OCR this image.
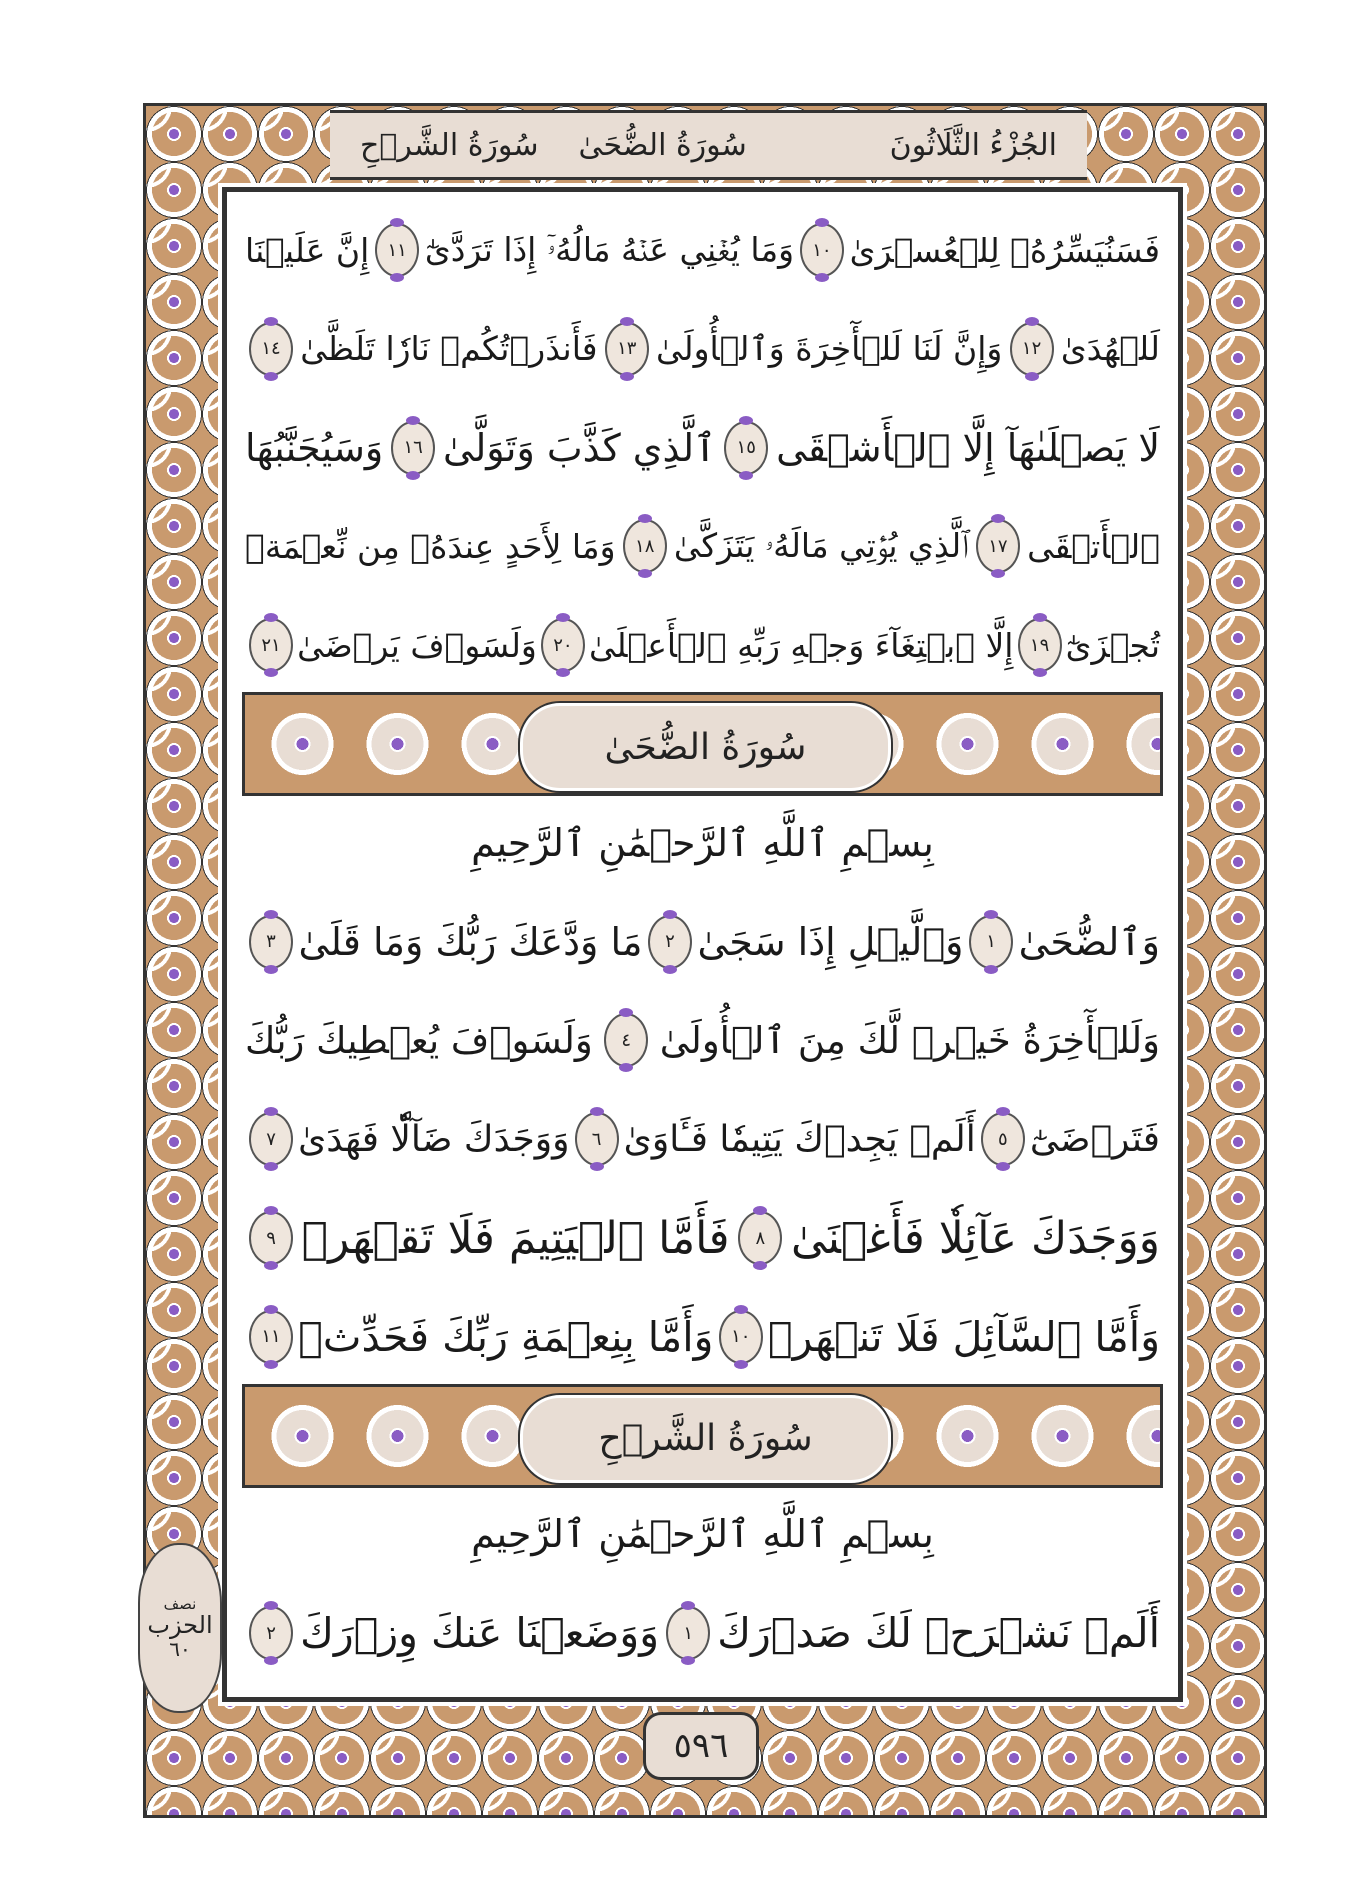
الجُزْءُ الثَّلَاثُونَ
سُورَةُ الضُّحَىٰ
سُورَةُ الشَّرۡحِ
فَسَنُيَسِّرُهُۥ لِلۡعُسۡرَىٰ
١٠
وَمَا يُغۡنِي عَنۡهُ مَالُهُۥٓ إِذَا تَرَدَّىٰٓ
١١
إِنَّ عَلَيۡنَا
لَلۡهُدَىٰ
١٢
وَإِنَّ لَنَا لَلۡأٓخِرَةَ وَٱلۡأُولَىٰ
١٣
فَأَنذَرۡتُكُمۡ نَارٗا تَلَظَّىٰ
١٤
لَا يَصۡلَىٰهَآ إِلَّا ٱلۡأَشۡقَى
١٥
ٱلَّذِي كَذَّبَ وَتَوَلَّىٰ
١٦
وَسَيُجَنَّبُهَا
ٱلۡأَتۡقَى
١٧
ٱلَّذِي يُؤۡتِي مَالَهُۥ يَتَزَكَّىٰ
١٨
وَمَا لِأَحَدٍ عِندَهُۥ مِن نِّعۡمَةٖ
تُجۡزَىٰٓ
١٩
إِلَّا ٱبۡتِغَآءَ وَجۡهِ رَبِّهِ ٱلۡأَعۡلَىٰ
٢٠
وَلَسَوۡفَ يَرۡضَىٰ
٢١
سُورَةُ الضُّحَىٰ
بِسۡمِ ٱللَّهِ ٱلرَّحۡمَٰنِ ٱلرَّحِيمِ
وَٱلضُّحَىٰ
١
وَٱلَّيۡلِ إِذَا سَجَىٰ
٢
مَا وَدَّعَكَ رَبُّكَ وَمَا قَلَىٰ
٣
وَلَلۡأٓخِرَةُ خَيۡرٞ لَّكَ مِنَ ٱلۡأُولَىٰ
٤
وَلَسَوۡفَ يُعۡطِيكَ رَبُّكَ
فَتَرۡضَىٰٓ
٥
أَلَمۡ يَجِدۡكَ يَتِيمٗا فَـَٔاوَىٰ
٦
وَوَجَدَكَ ضَآلّٗا فَهَدَىٰ
٧
وَوَجَدَكَ عَآئِلٗا فَأَغۡنَىٰ
٨
فَأَمَّا ٱلۡيَتِيمَ فَلَا تَقۡهَرۡ
٩
وَأَمَّا ٱلسَّآئِلَ فَلَا تَنۡهَرۡ
١٠
وَأَمَّا بِنِعۡمَةِ رَبِّكَ فَحَدِّثۡ
١١
سُورَةُ الشَّرۡحِ
بِسۡمِ ٱللَّهِ ٱلرَّحۡمَٰنِ ٱلرَّحِيمِ
أَلَمۡ نَشۡرَحۡ لَكَ صَدۡرَكَ
١
وَوَضَعۡنَا عَنكَ وِزۡرَكَ
٢
نصف
الحزب
٦٠
٥٩٦
